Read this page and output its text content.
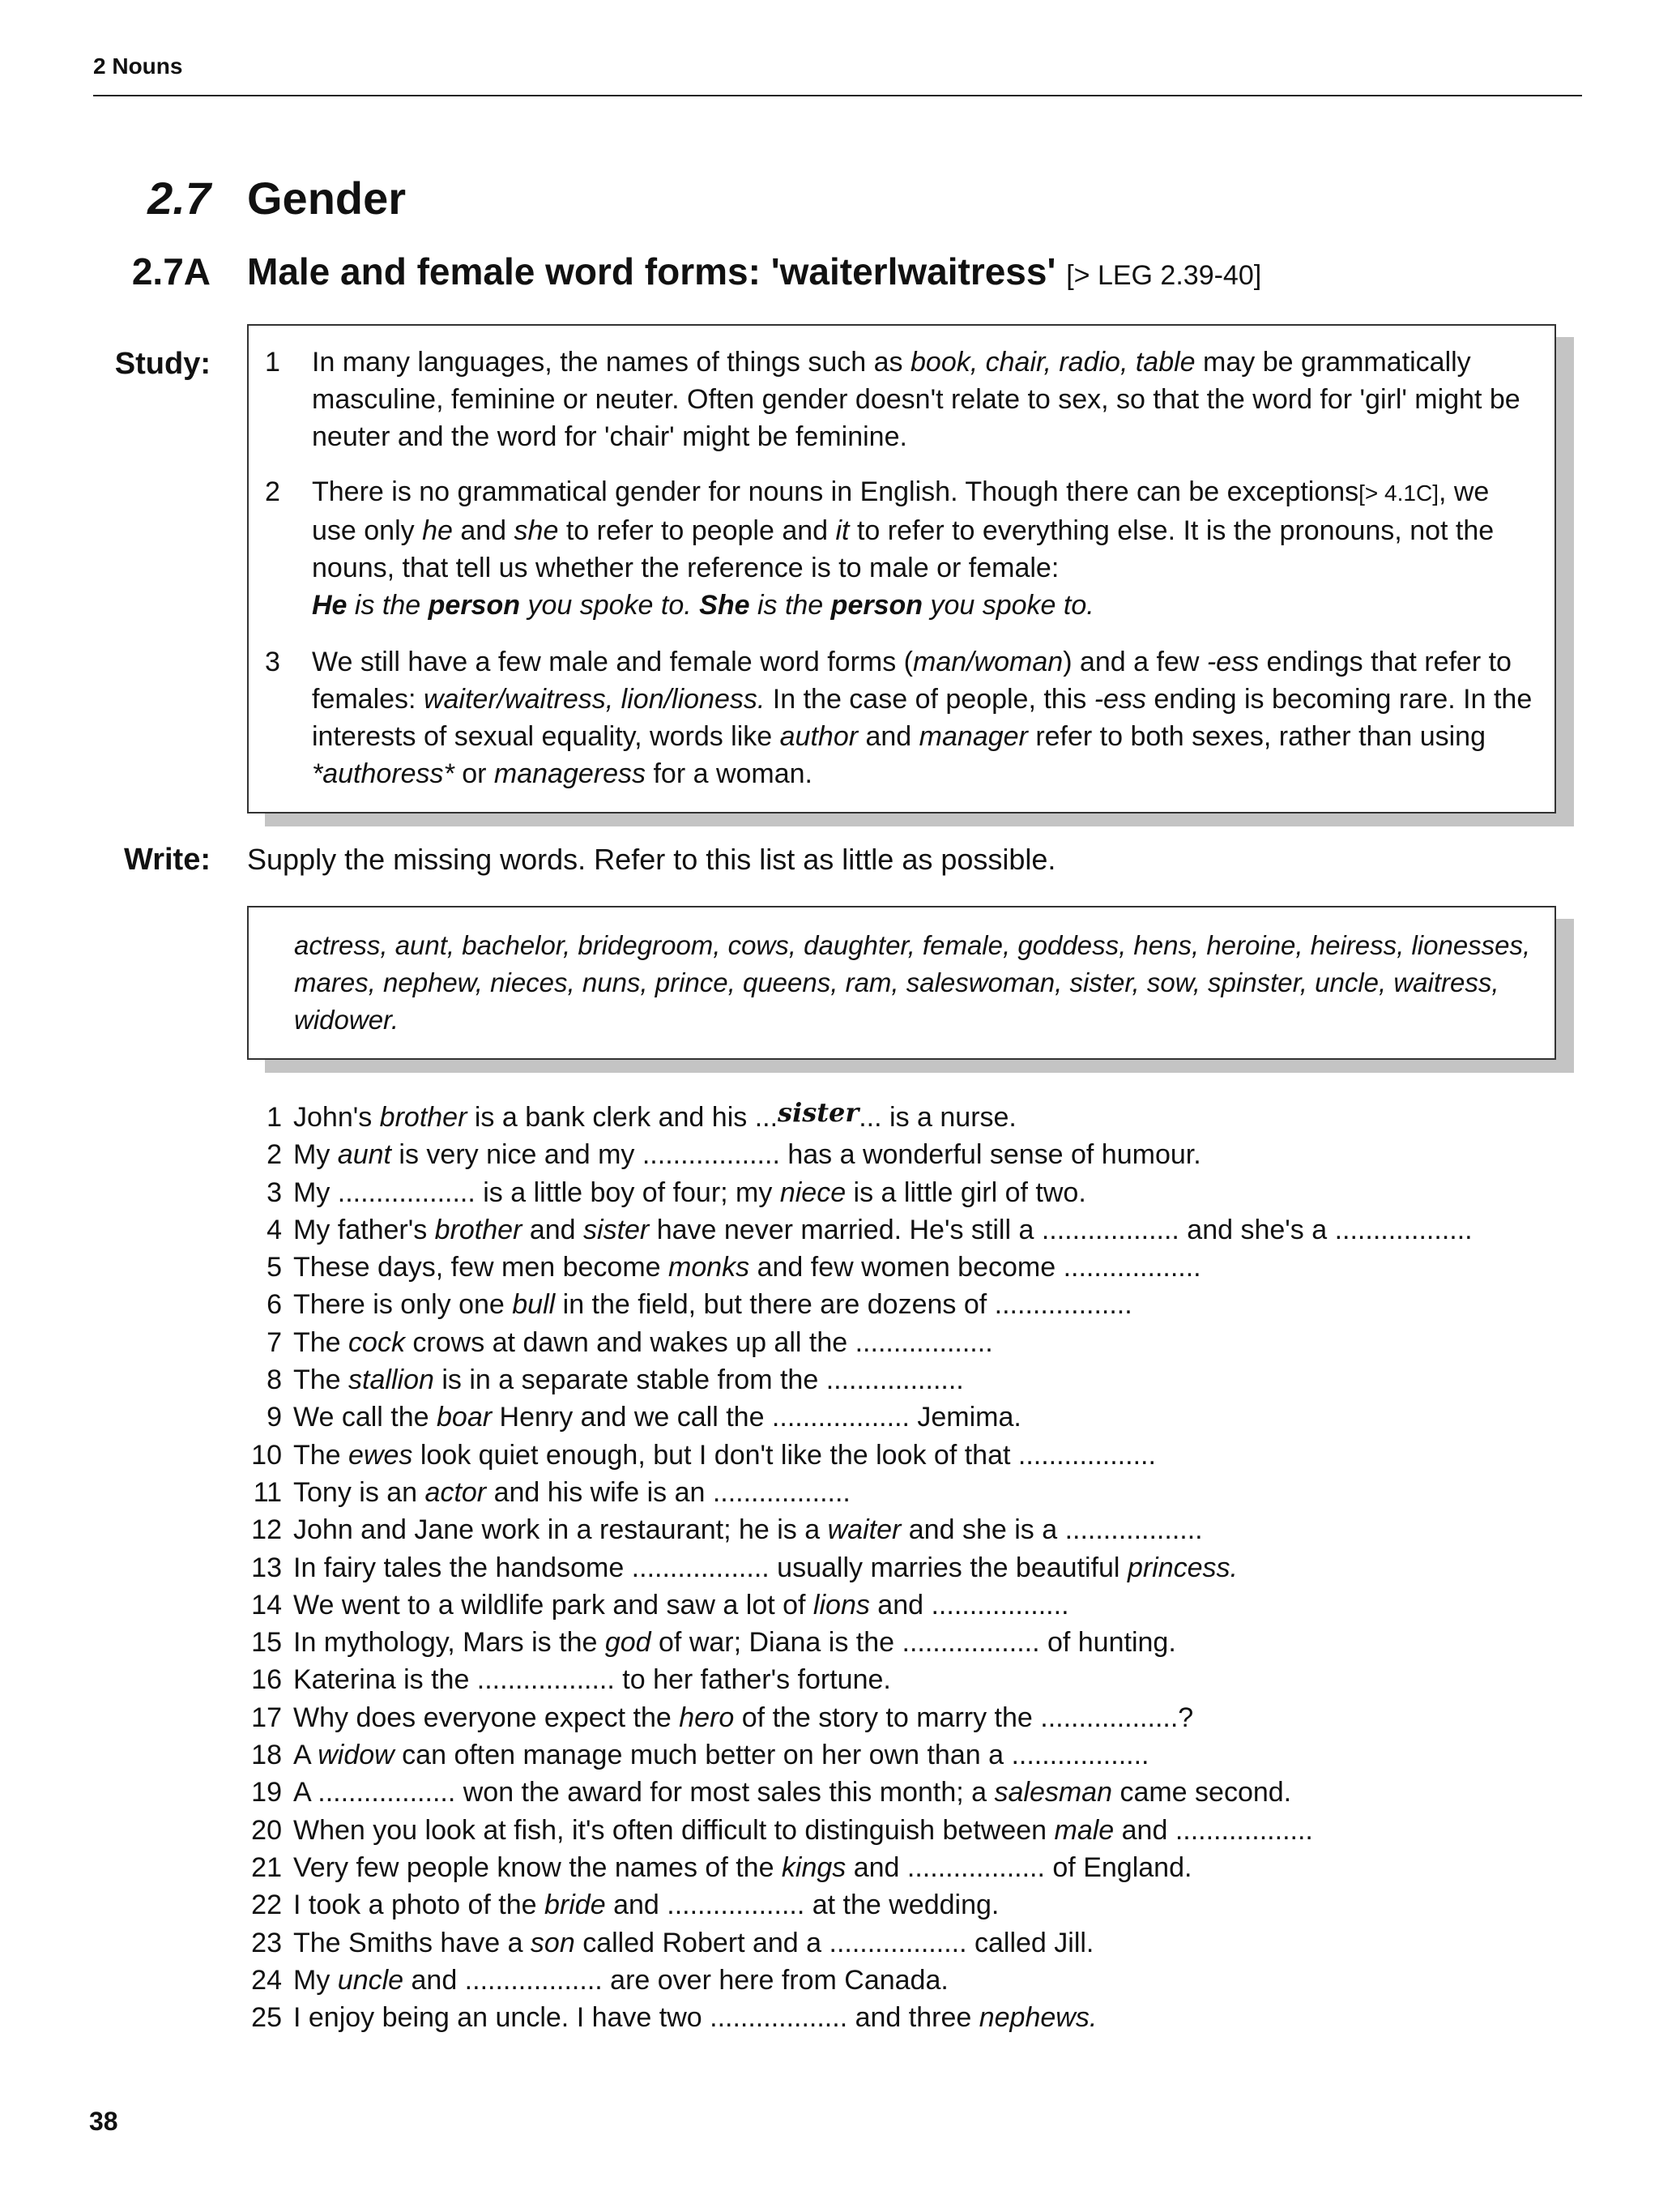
2 Nouns
2.7 Gender
2.7A Male and female word forms: 'waiterlwaitress' [> LEG 2.39-40]
Study: 1 In many languages, the names of things such as book, chair, radio, table may be grammatically masculine, feminine or neuter. Often gender doesn't relate to sex, so that the word for 'girl' might be neuter and the word for 'chair' might be feminine.
2 There is no grammatical gender for nouns in English. Though there can be exceptions[> 4.1C], we use only he and she to refer to people and it to refer to everything else. It is the pronouns, not the nouns, that tell us whether the reference is to male or female:
He is the person you spoke to. She is the person you spoke to.
3 We still have a few male and female word forms (man/woman) and a few -ess endings that refer to females: waiter/waitress, lion/lioness. In the case of people, this -ess ending is becoming rare. In the interests of sexual equality, words like author and manager refer to both sexes, rather than using *authoress* or manageress for a woman.
Write: Supply the missing words. Refer to this list as little as possible.
actress, aunt, bachelor, bridegroom, cows, daughter, female, goddess, hens, heroine, heiress, lionesses, mares, nephew, nieces, nuns, prince, queens, ram, saleswoman, sister, sow, spinster, uncle, waitress, widower.
1 John's brother is a bank clerk and his ...sister... is a nurse.
2 My aunt is very nice and my .................. has a wonderful sense of humour.
3 My .................. is a little boy of four; my niece is a little girl of two.
4 My father's brother and sister have never married. He's still a .................. and she's a ..................
5 These days, few men become monks and few women become ..................
6 There is only one bull in the field, but there are dozens of ..................
7 The cock crows at dawn and wakes up all the ..................
8 The stallion is in a separate stable from the ..................
9 We call the boar Henry and we call the .................. Jemima.
10 The ewes look quiet enough, but I don't like the look of that ..................
11 Tony is an actor and his wife is an ..................
12 John and Jane work in a restaurant; he is a waiter and she is a ..................
13 In fairy tales the handsome .................. usually marries the beautiful princess.
14 We went to a wildlife park and saw a lot of lions and ..................
15 In mythology, Mars is the god of war; Diana is the .................. of hunting.
16 Katerina is the .................. to her father's fortune.
17 Why does everyone expect the hero of the story to marry the ..................?
18 A widow can often manage much better on her own than a ..................
19 A .................. won the award for most sales this month; a salesman came second.
20 When you look at fish, it's often difficult to distinguish between male and ..................
21 Very few people know the names of the kings and .................. of England.
22 I took a photo of the bride and .................. at the wedding.
23 The Smiths have a son called Robert and a .................. called Jill.
24 My uncle and .................. are over here from Canada.
25 I enjoy being an uncle. I have two .................. and three nephews.
38
